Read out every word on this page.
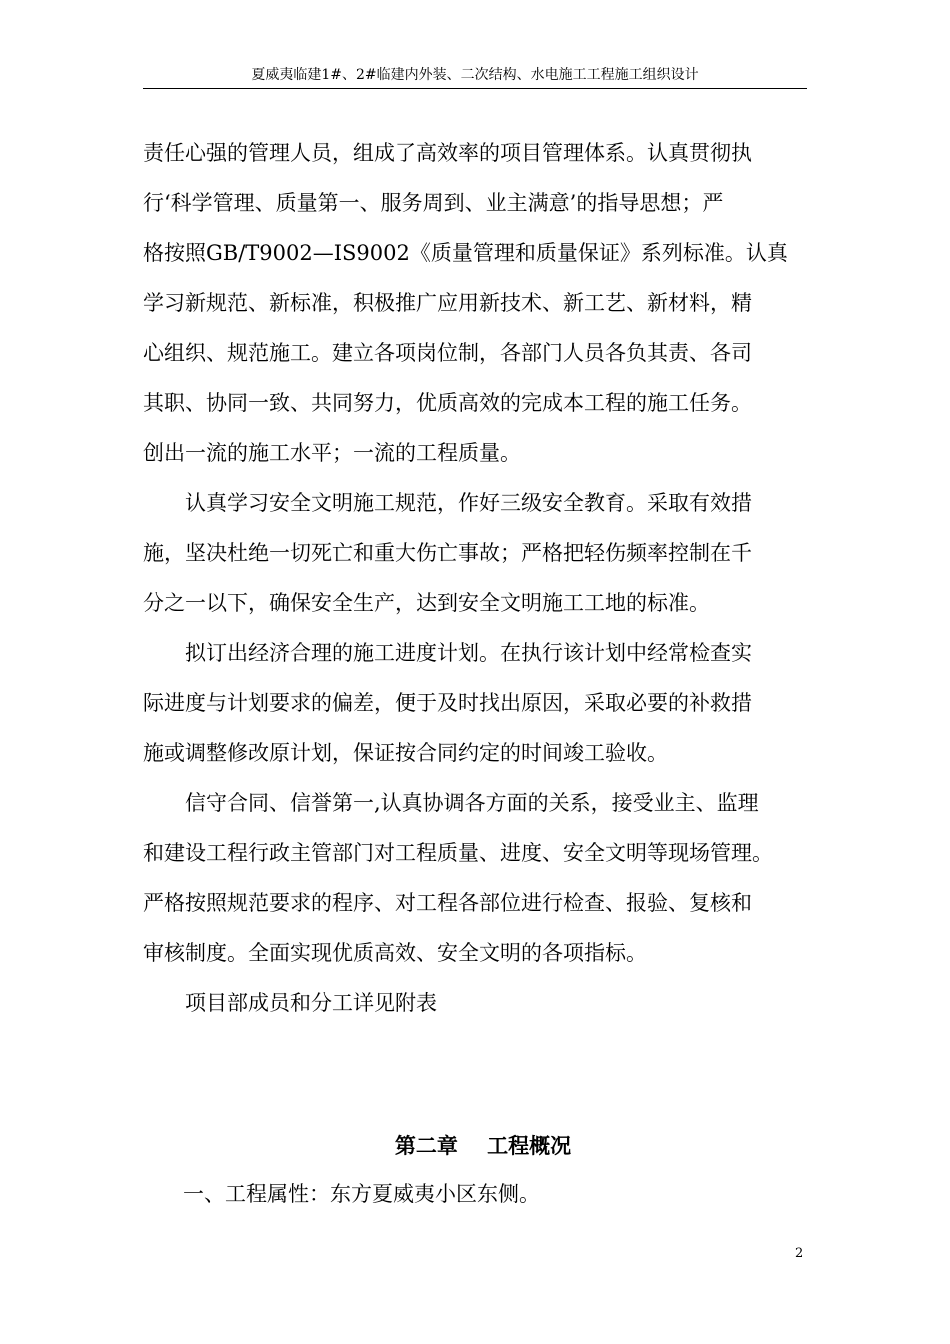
夏威夷临建1#、2#临建内外装、二次结构、水电施工工程施工组织设计
责任心强的管理人员，组成了高效率的项目管理体系。认真贯彻执
行‘科学管理、质量第一、服务周到、业主满意’的指导思想；严
格按照GB/T9002—IS9002《质量管理和质量保证》系列标准。认真
学习新规范、新标准，积极推广应用新技术、新工艺、新材料，精
心组织、规范施工。建立各项岗位制，各部门人员各负其责、各司
其职、协同一致、共同努力，优质高效的完成本工程的施工任务。
创出一流的施工水平；一流的工程质量。
认真学习安全文明施工规范，作好三级安全教育。采取有效措
施，坚决杜绝一切死亡和重大伤亡事故；严格把轻伤频率控制在千
分之一以下，确保安全生产，达到安全文明施工工地的标准。
拟订出经济合理的施工进度计划。在执行该计划中经常检查实
际进度与计划要求的偏差，便于及时找出原因，采取必要的补救措
施或调整修改原计划，保证按合同约定的时间竣工验收。
信守合同、信誉第一,认真协调各方面的关系，接受业主、监理
和建设工程行政主管部门对工程质量、进度、安全文明等现场管理。
严格按照规范要求的程序、对工程各部位进行检查、报验、复核和
审核制度。全面实现优质高效、安全文明的各项指标。
项目部成员和分工详见附表
第二章    工程概况
一、工程属性：东方夏威夷小区东侧。
2
